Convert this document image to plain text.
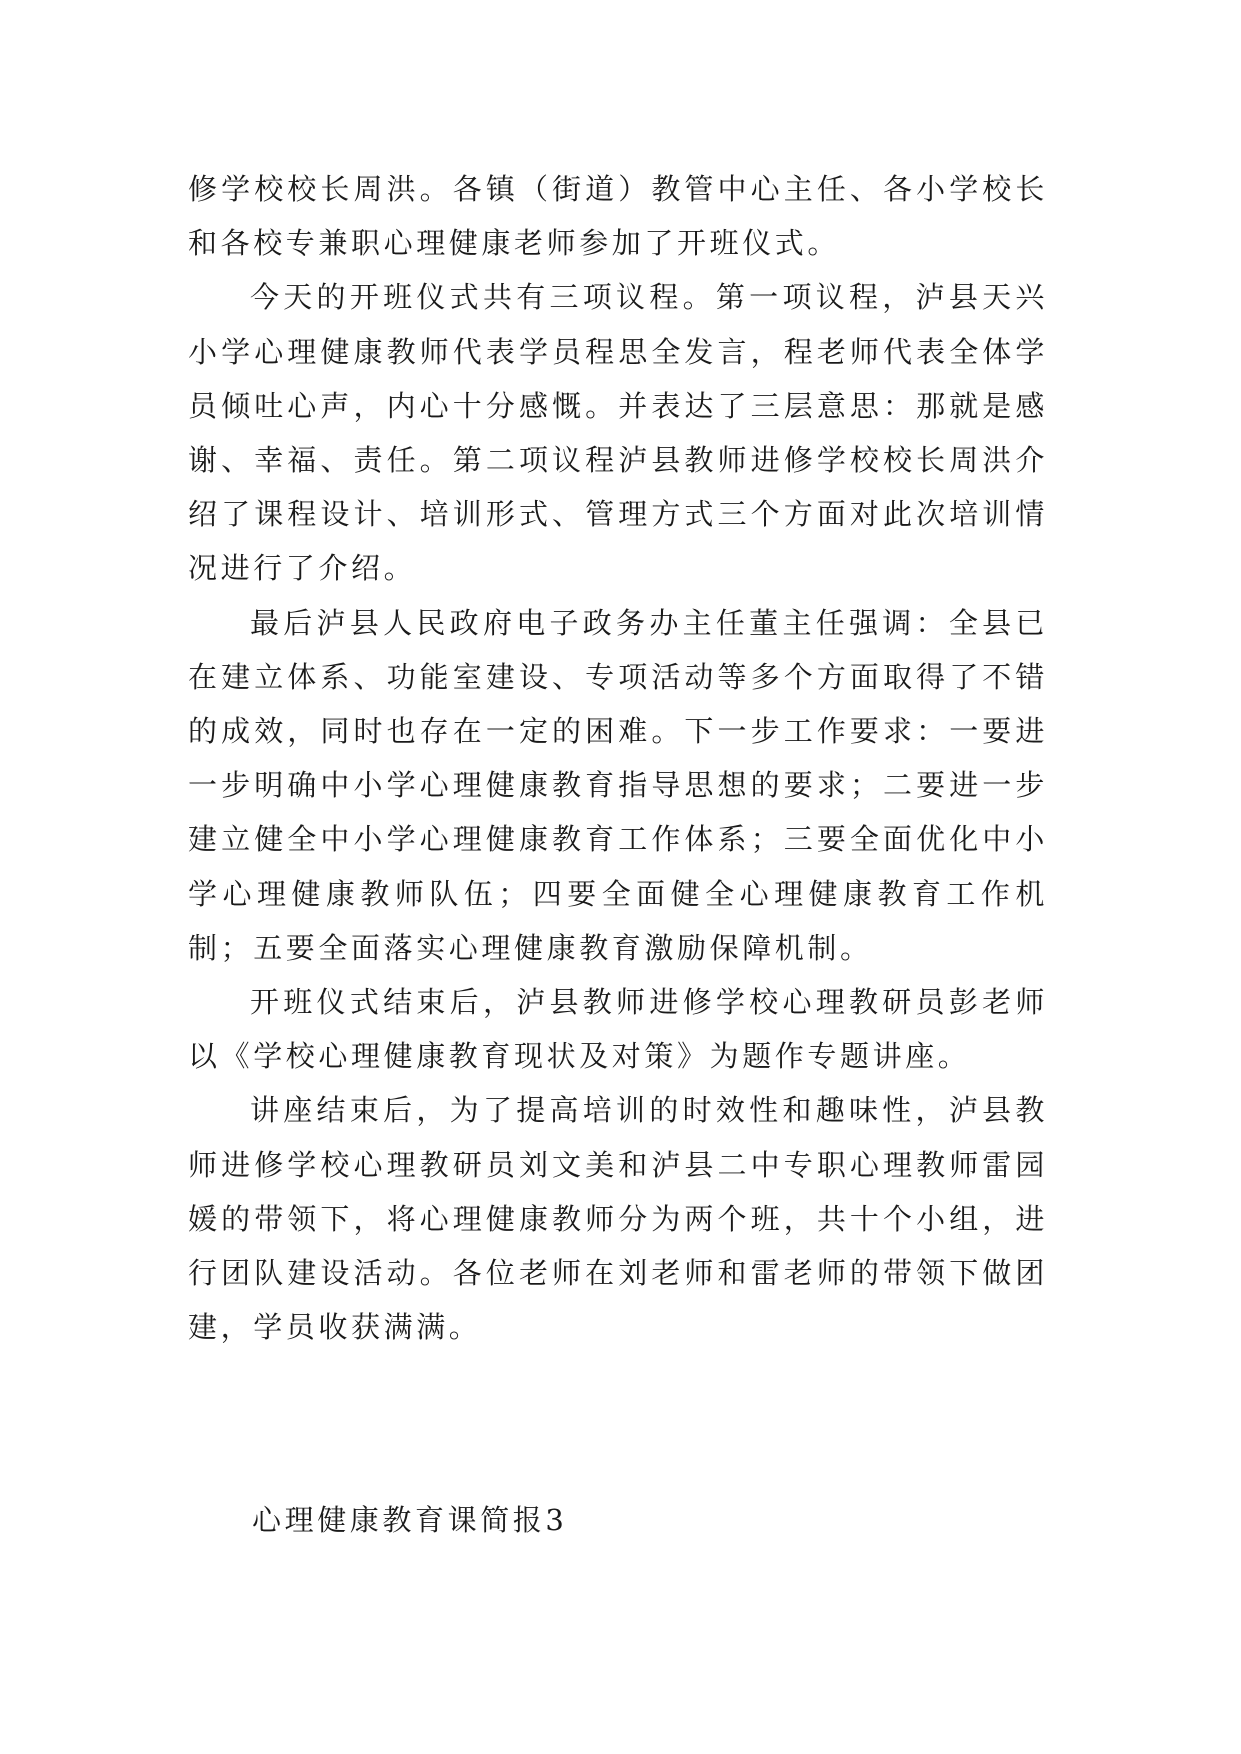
修学校校长周洪。各镇（街道）教管中心主任、各小学校长和各校专兼职心理健康老师参加了开班仪式。

今天的开班仪式共有三项议程。第一项议程，泸县天兴小学心理健康教师代表学员程思全发言，程老师代表全体学员倾吐心声，内心十分感慨。并表达了三层意思：那就是感谢、幸福、责任。第二项议程泸县教师进修学校校长周洪介绍了课程设计、培训形式、管理方式三个方面对此次培训情况进行了介绍。

最后泸县人民政府电子政务办主任董主任强调：全县已在建立体系、功能室建设、专项活动等多个方面取得了不错的成效，同时也存在一定的困难。下一步工作要求：一要进一步明确中小学心理健康教育指导思想的要求；二要进一步建立健全中小学心理健康教育工作体系；三要全面优化中小学心理健康教师队伍；四要全面健全心理健康教育工作机制；五要全面落实心理健康教育激励保障机制。

开班仪式结束后，泸县教师进修学校心理教研员彭老师以《学校心理健康教育现状及对策》为题作专题讲座。

讲座结束后，为了提高培训的时效性和趣味性，泸县教师进修学校心理教研员刘文美和泸县二中专职心理教师雷园媛的带领下，将心理健康教师分为两个班，共十个小组，进行团队建设活动。各位老师在刘老师和雷老师的带领下做团建，学员收获满满。

心理健康教育课简报3
